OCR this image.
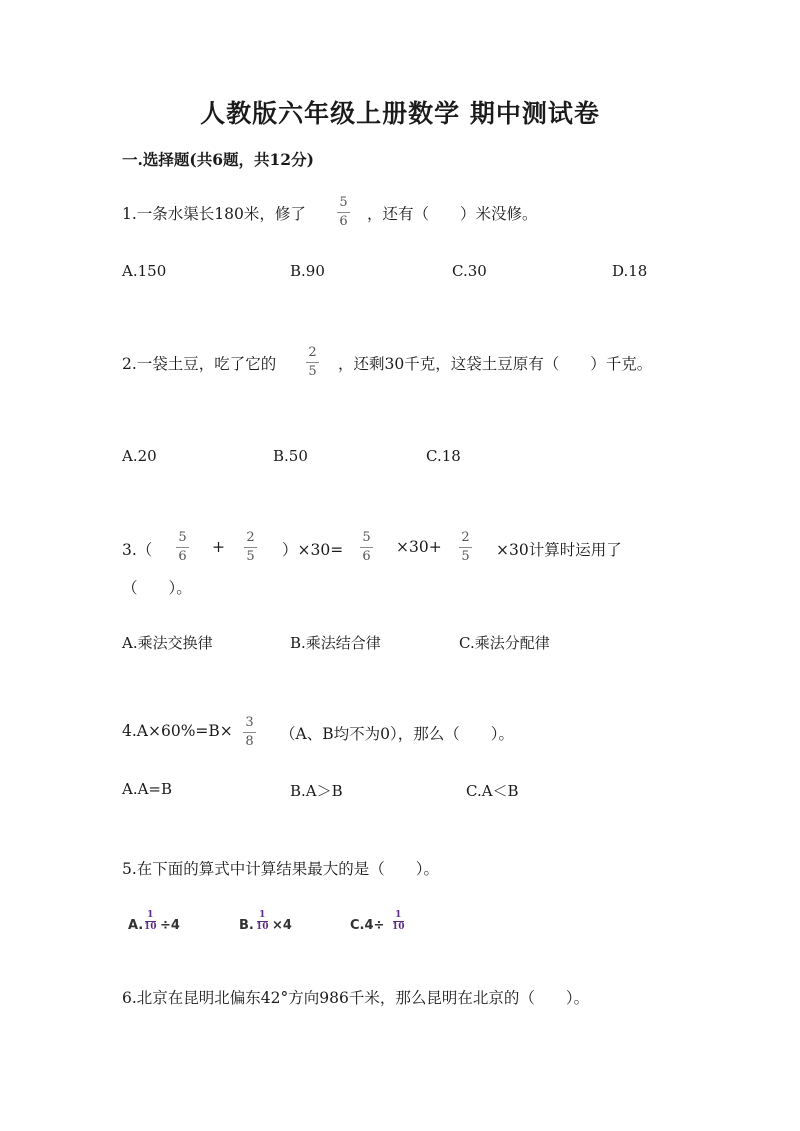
人教版六年级上册数学 期中测试卷
一.选择题(共6题，共12分)
1.一条水渠长180米，修了
5
6 ，还有（　　）米没修。
A.150	B.90	C.30	D.18
2.一袋土豆，吃了它的
2
5 ，还剩30千克，这袋土豆原有（　　）千克。
A.20	B.50	C.18
3.（
5
6
+
2
5 ）×30=
5
6
×30+
2
5 ×30计算时运用了
（　　）。
A.乘法交换律	B.乘法结合律	C.乘法分配律
4.A×60%=B× 3
8 （A、B均不为0），那么（　　）。
A.A=B	B.A＞B	C.A＜B
5.在下面的算式中计算结果最大的是（　　）。
A.
1
10 ÷4	B.
1
10 ×4	C.4÷
1
10
6.北京在昆明北偏东42°方向986千米，那么昆明在北京的（　　）。
